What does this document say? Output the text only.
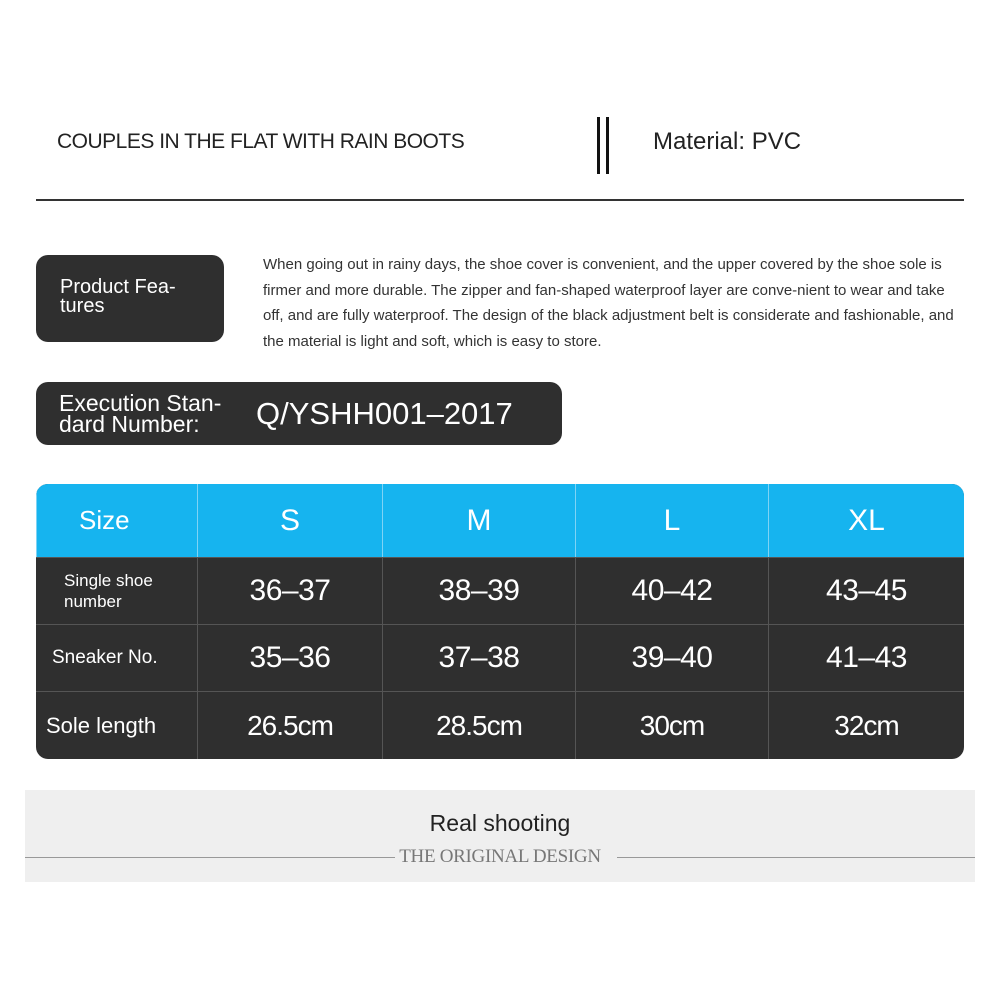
COUPLES IN THE FLAT WITH RAIN BOOTS	Material: PVC
Product Fea-tures
When going out in rainy days, the shoe cover is convenient, and the upper covered by the shoe sole is firmer and more durable. The zipper and fan-shaped waterproof layer are conve-nient to wear and take off, and are fully waterproof. The design of the black adjustment belt is considerate and fashionable, and the material is light and soft, which is easy to store.
Execution Stan-dard Number:	Q/YSHH001–2017
Size	S	M	L	XL
Single shoe number	36–37	38–39	40–42	43–45
Sneaker No.	35–36	37–38	39–40	41–43
Sole length	26.5cm	28.5cm	30cm	32cm
Real shooting
THE ORIGINAL DESIGN
